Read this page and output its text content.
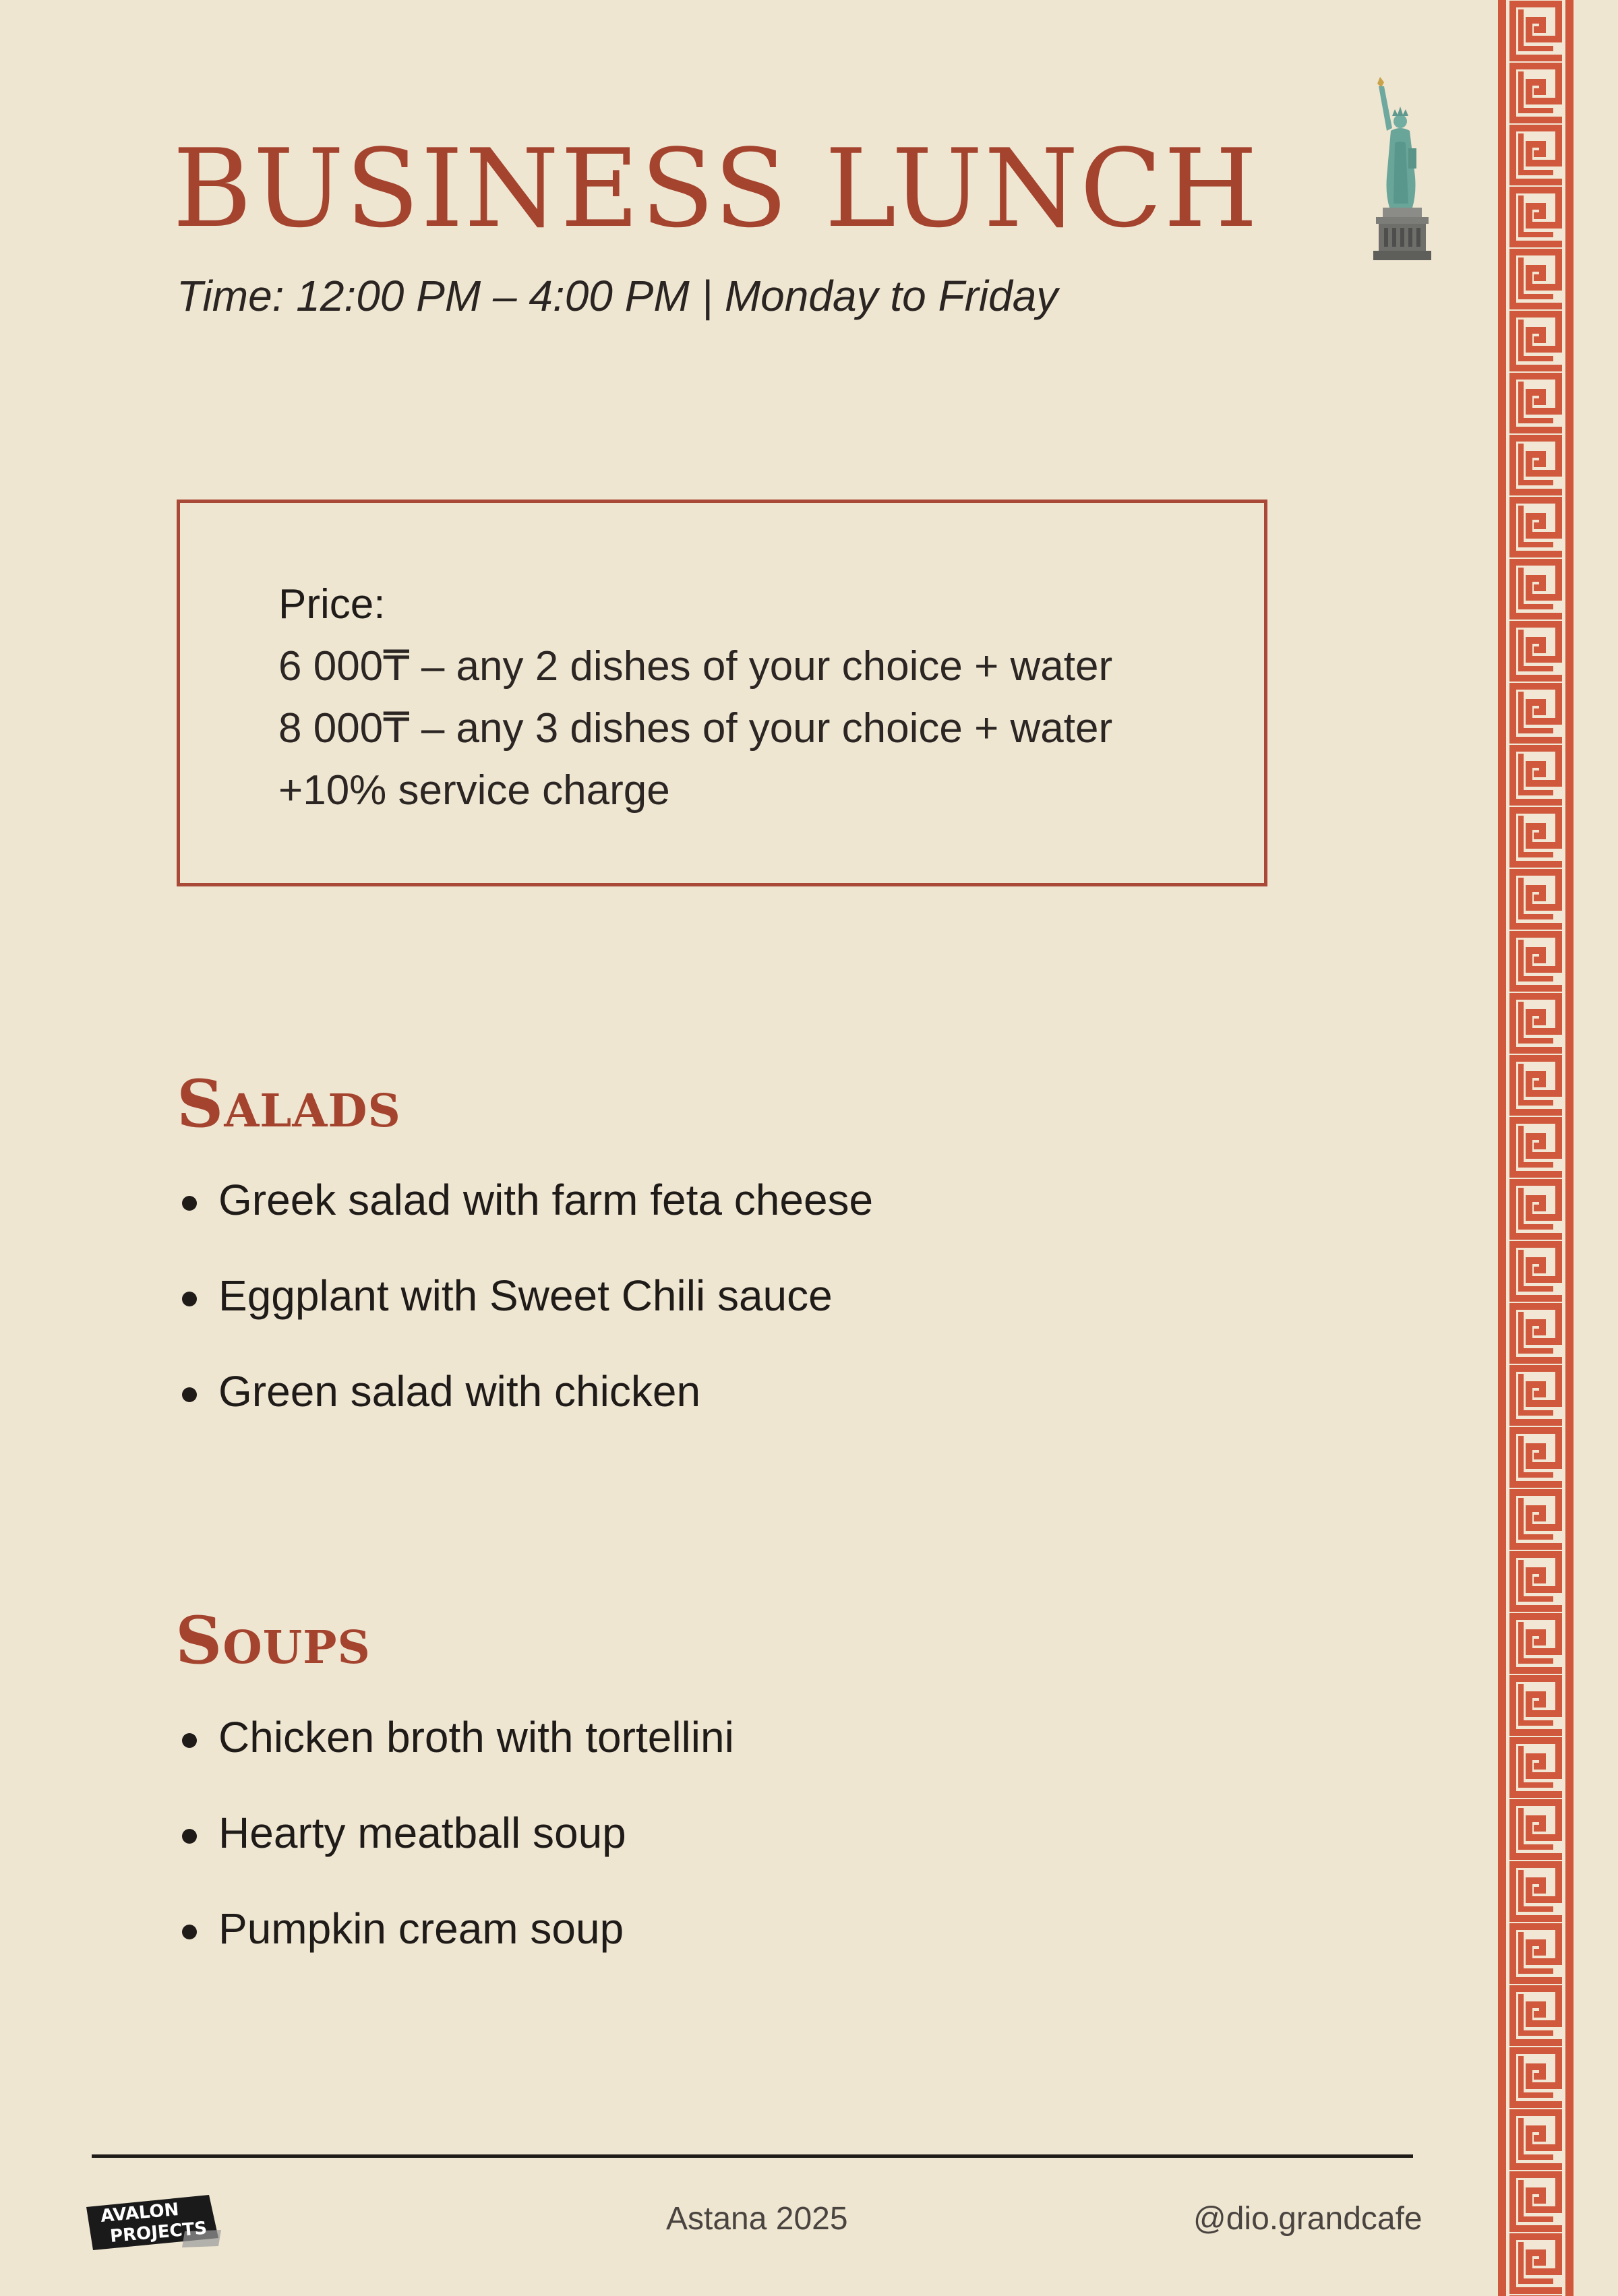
BUSINESS LUNCH
Time: 12:00 PM – 4:00 PM | Monday to Friday
Price:
6 000₸ – any 2 dishes of your choice + water
8 000₸ – any 3 dishes of your choice + water
+10% service charge
Salads
Greek salad with farm feta cheese
Eggplant with Sweet Chili sauce
Green salad with chicken
Soups
Chicken broth with tortellini
Hearty meatball soup
Pumpkin cream soup
AVALON
PROJECTS	Astana 2025	@dio.grandcafe
